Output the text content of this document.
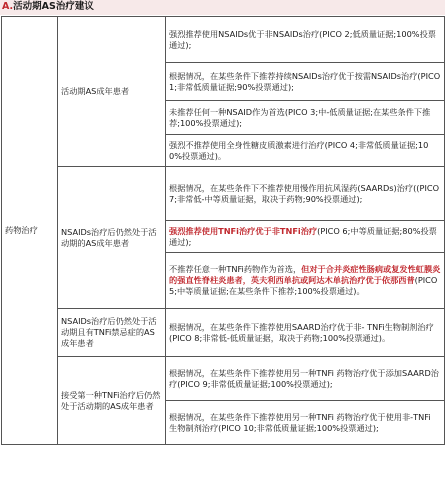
A.活动期AS治疗建议
药物治疗	活动期AS成年患者	强烈推荐使用NSAIDs优于非NSAIDs治疗(PICO 2;低质量证据;100%投票通过);
		根据情况，在某些条件下推荐持续NSAIDs治疗优于按需NSAIDs治疗(PICO 1;非常低质量证据;90%投票通过);
		未推荐任何一种NSAID作为首选(PICO 3;中-低质量证据;在某些条件下推荐;100%投票通过);
		强烈不推荐使用全身性糖皮质激素进行治疗(PICO 4;非常低质量证据;100%投票通过)。
	NSAIDs治疗后仍然处于活动期的AS成年患者	根据情况，在某些条件下不推荐使用慢作用抗风湿药(SAARDs)治疗((PICO 7;非常低-中等质量证据，取决于药物;90%投票通过);
		强烈推荐使用TNFi治疗优于非TNFi治疗(PICO 6;中等质量证据;80%投票通过);
		不推荐任意一种TNFi药物作为首选，但对于合并炎症性肠病或复发性虹膜炎的强直性脊柱炎患者，英夫利西单抗或阿达木单抗治疗优于依那西普(PICO 5;中等质量证据;在某些条件下推荐;100%投票通过)。
	NSAIDs治疗后仍然处于活动期且有TNFi禁忌症的AS成年患者	根据情况，在某些条件下推荐使用SAARD治疗优于非- TNFi生物制剂治疗(PICO 8;非常低-低质量证据，取决于药物;100%投票通过)。
	接受第一种TNFi治疗后仍然处于活动期的AS成年患者	根据情况，在某些条件下推荐使用另一种TNFi 药物治疗优于添加SAARD治疗(PICO 9;非常低质量证据;100%投票通过);
		根据情况，在某些条件下推荐使用另一种TNFi 药物治疗优于使用非-TNFi 生物制剂治疗(PICO 10;非常低质量证据;100%投票通过);
